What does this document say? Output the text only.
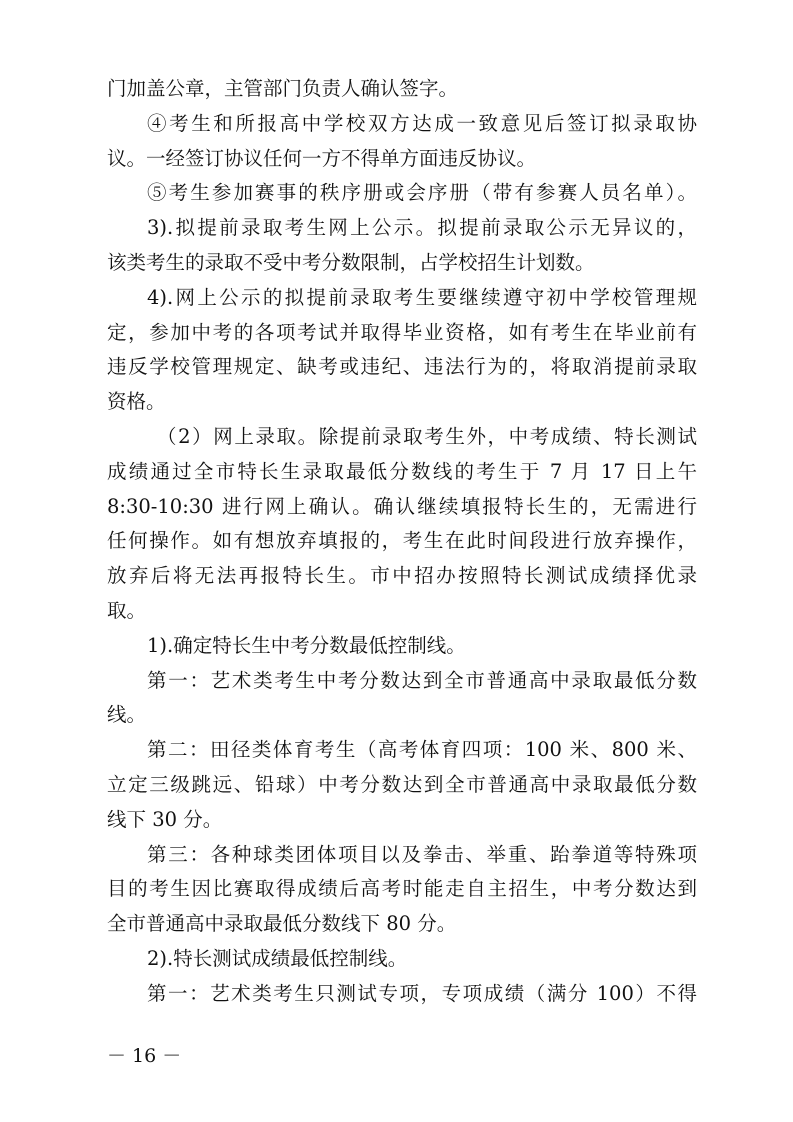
门加盖公章，主管部门负责人确认签字。
④考生和所报高中学校双方达成一致意见后签订拟录取协
议。一经签订协议任何一方不得单方面违反协议。
⑤考生参加赛事的秩序册或会序册（带有参赛人员名单）。
3).拟提前录取考生网上公示。拟提前录取公示无异议的，
该类考生的录取不受中考分数限制，占学校招生计划数。
4).网上公示的拟提前录取考生要继续遵守初中学校管理规
定，参加中考的各项考试并取得毕业资格，如有考生在毕业前有
违反学校管理规定、缺考或违纪、违法行为的，将取消提前录取
资格。
（2）网上录取。除提前录取考生外，中考成绩、特长测试
成绩通过全市特长生录取最低分数线的考生于 7 月 17 日上午
8:30-10:30 进行网上确认。确认继续填报特长生的，无需进行
任何操作。如有想放弃填报的，考生在此时间段进行放弃操作，
放弃后将无法再报特长生。市中招办按照特长测试成绩择优录
取。
1).确定特长生中考分数最低控制线。
第一：艺术类考生中考分数达到全市普通高中录取最低分数
线。
第二：田径类体育考生（高考体育四项：100 米、800 米、
立定三级跳远、铅球）中考分数达到全市普通高中录取最低分数
线下 30 分。
第三：各种球类团体项目以及拳击、举重、跆拳道等特殊项
目的考生因比赛取得成绩后高考时能走自主招生，中考分数达到
全市普通高中录取最低分数线下 80 分。
2).特长测试成绩最低控制线。
第一：艺术类考生只测试专项，专项成绩（满分 100）不得
－ 16 －
